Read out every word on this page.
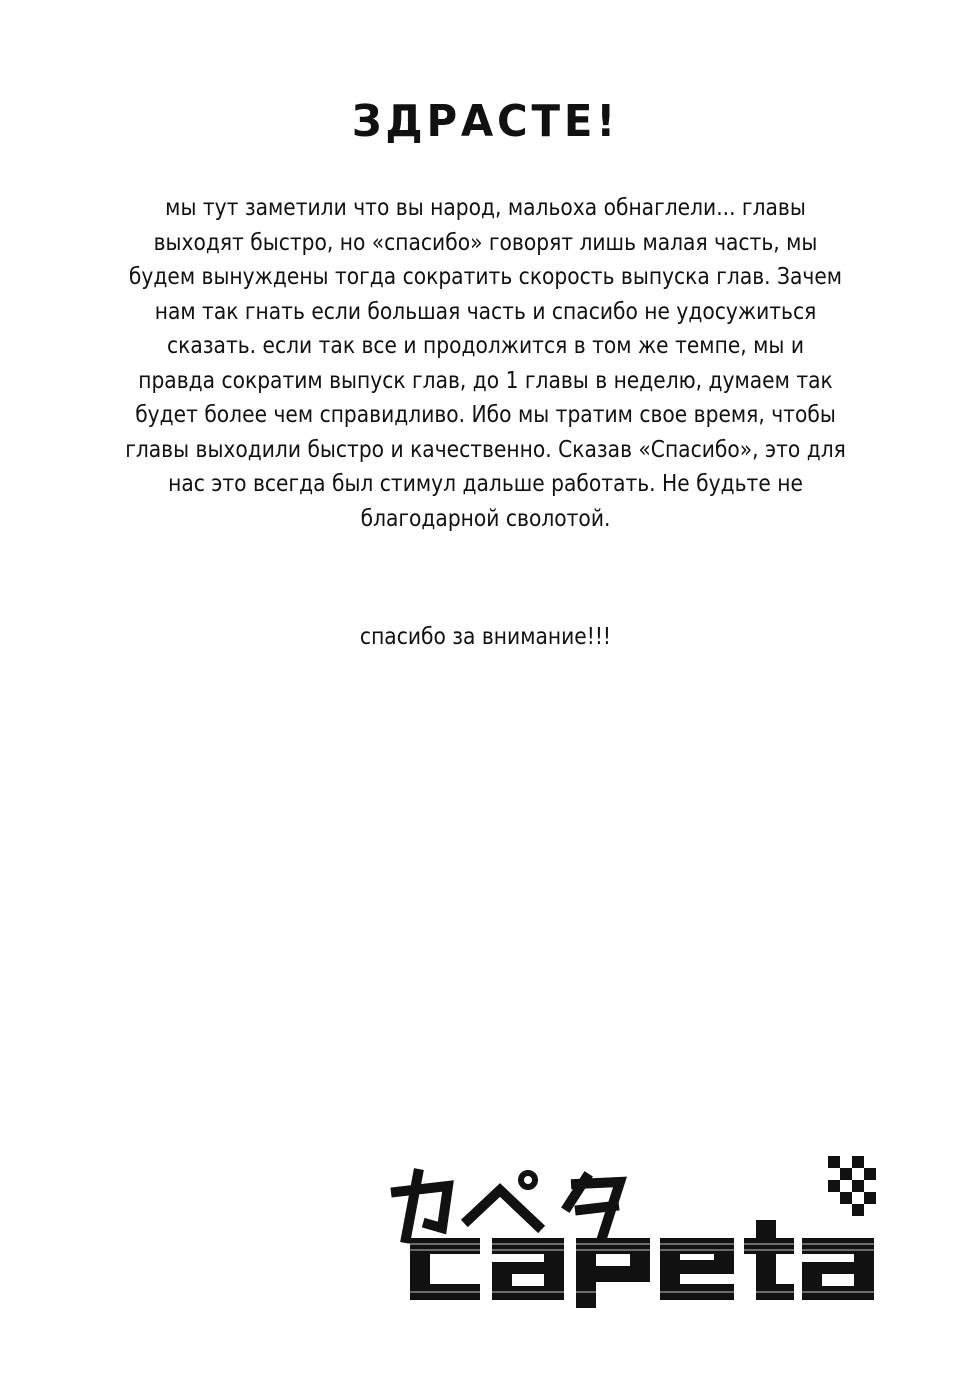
ЗДРАСТЕ!
мы тут заметили что вы народ, мальоха обнаглели... главы
выходят быстро, но «спасибо» говорят лишь малая часть, мы
будем вынуждены тогда сократить скорость выпуска глав. Зачем
нам так гнать если большая часть и спасибо не удосужиться
сказать. если так все и продолжится в том же темпе, мы и
правда сократим выпуск глав, до 1 главы в неделю, думаем так
будет более чем справидливо. Ибо мы тратим свое время, чтобы
главы выходили быстро и качественно. Сказав «Спасибо», это для
нас это всегда был стимул дальше работать. Не будьте не
благодарной сволотой.
спасибо за внимание!!!
